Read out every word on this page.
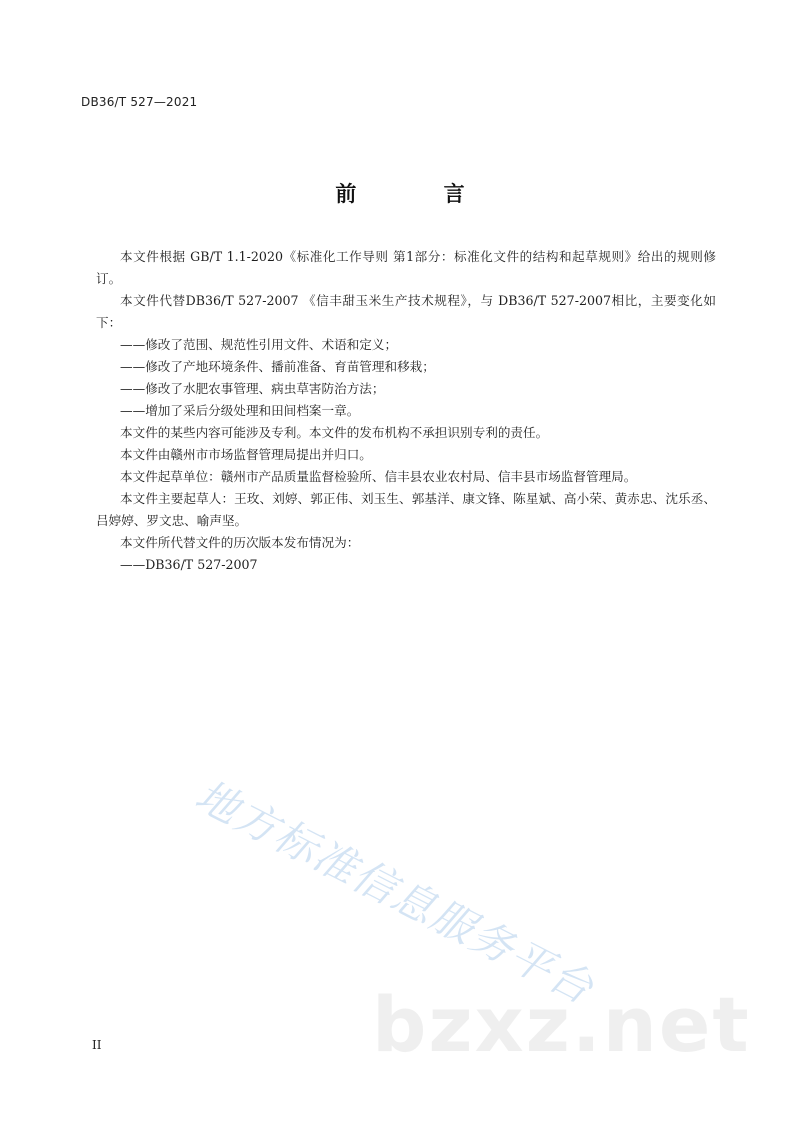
DB36/T 527—2021
前 言

本文件根据 GB/T 1.1-2020《标准化工作导则 第1部分：标准化文件的结构和起草规则》给出的规则修订。

本文件代替DB36/T 527-2007 《信丰甜玉米生产技术规程》，与 DB36/T 527-2007相比，主要变化如下：

——修改了范围、规范性引用文件、术语和定义；

——修改了产地环境条件、播前准备、育苗管理和移栽；

——修改了水肥农事管理、病虫草害防治方法；

——增加了采后分级处理和田间档案一章。

本文件的某些内容可能涉及专利。本文件的发布机构不承担识别专利的责任。

本文件由赣州市市场监督管理局提出并归口。

本文件起草单位：赣州市产品质量监督检验所、信丰县农业农村局、信丰县市场监督管理局。

本文件主要起草人：王玫、刘婷、郭正伟、刘玉生、郭基洋、康文锋、陈星斌、高小荣、黄赤忠、沈乐丞、吕婷婷、罗文忠、喻声坚。

本文件所代替文件的历次版本发布情况为：

——DB36/T 527-2007

地方标准信息服务平台
bzxz.net
II
